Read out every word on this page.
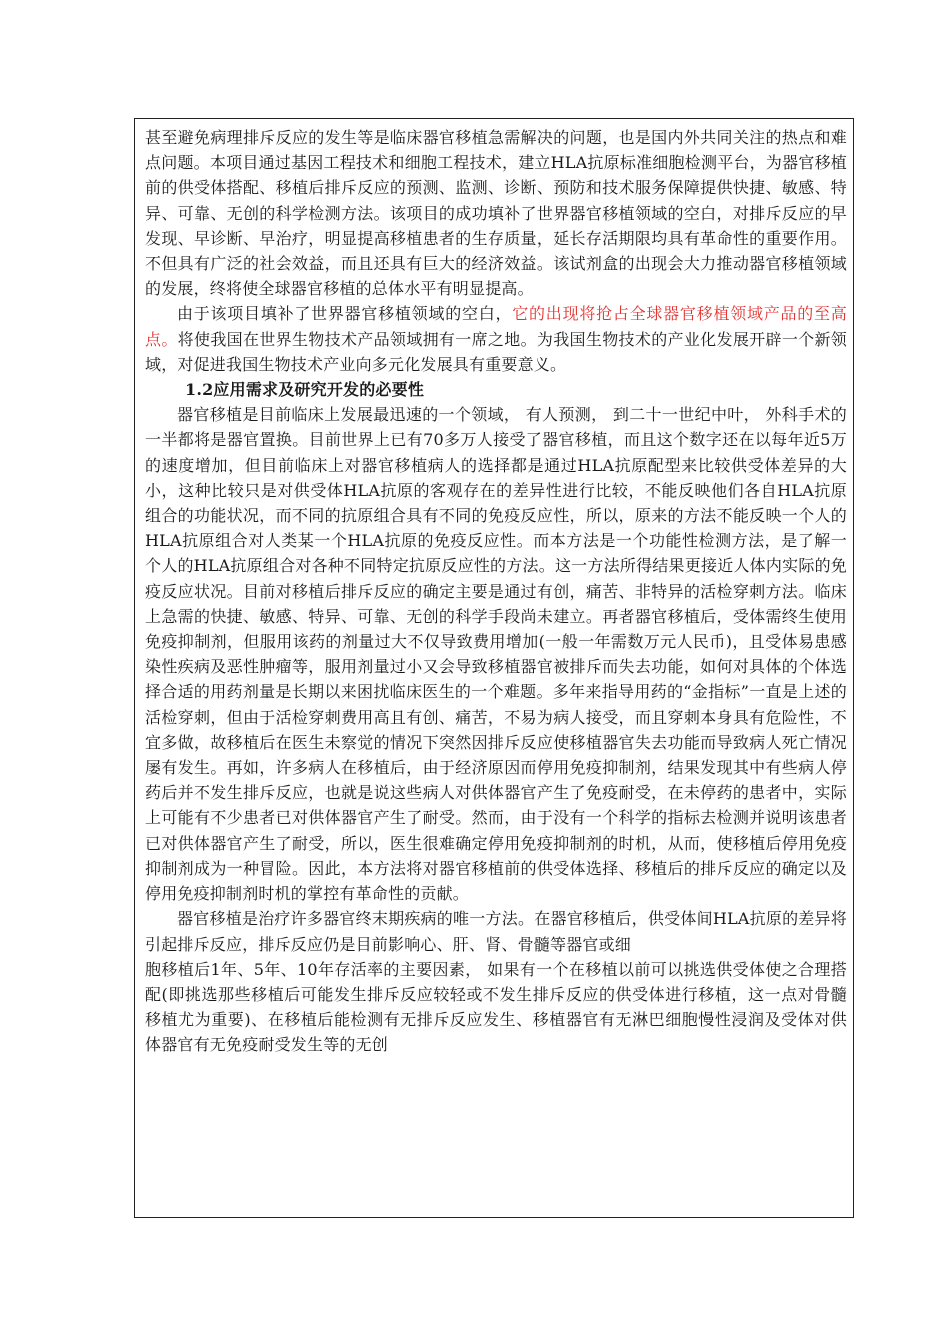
甚至避免病理排斥反应的发生等是临床器官移植急需解决的问题，也是国内外共同关注的热点和难点问题。本项目通过基因工程技术和细胞工程技术，建立HLA抗原标准细胞检测平台，为器官移植前的供受体搭配、移植后排斥反应的预测、监测、诊断、预防和技术服务保障提供快捷、敏感、特异、可靠、无创的科学检测方法。该项目的成功填补了世界器官移植领域的空白，对排斥反应的早发现、早诊断、早治疗，明显提高移植患者的生存质量，延长存活期限均具有革命性的重要作用。不但具有广泛的社会效益，而且还具有巨大的经济效益。该试剂盒的出现会大力推动器官移植领域的发展，终将使全球器官移植的总体水平有明显提高。

由于该项目填补了世界器官移植领域的空白，它的出现将抢占全球器官移植领域产品的至高点。将使我国在世界生物技术产品领域拥有一席之地。为我国生物技术的产业化发展开辟一个新领域，对促进我国生物技术产业向多元化发展具有重要意义。

1.2应用需求及研究开发的必要性

器官移植是目前临床上发展最迅速的一个领域， 有人预测， 到二十一世纪中叶， 外科手术的一半都将是器官置换。目前世界上已有70多万人接受了器官移植，而且这个数字还在以每年近5万的速度增加，但目前临床上对器官移植病人的选择都是通过HLA抗原配型来比较供受体差异的大小，这种比较只是对供受体HLA抗原的客观存在的差异性进行比较，不能反映他们各自HLA抗原组合的功能状况，而不同的抗原组合具有不同的免疫反应性，所以，原来的方法不能反映一个人的HLA抗原组合对人类某一个HLA抗原的免疫反应性。而本方法是一个功能性检测方法，是了解一个人的HLA抗原组合对各种不同特定抗原反应性的方法。这一方法所得结果更接近人体内实际的免疫反应状况。目前对移植后排斥反应的确定主要是通过有创，痛苦、非特异的活检穿刺方法。临床上急需的快捷、敏感、特异、可靠、无创的科学手段尚未建立。再者器官移植后，受体需终生使用免疫抑制剂，但服用该药的剂量过大不仅导致费用增加(一般一年需数万元人民币)，且受体易患感染性疾病及恶性肿瘤等，服用剂量过小又会导致移植器官被排斥而失去功能，如何对具体的个体选择合适的用药剂量是长期以来困扰临床医生的一个难题。多年来指导用药的“金指标”一直是上述的活检穿刺，但由于活检穿刺费用高且有创、痛苦，不易为病人接受，而且穿刺本身具有危险性，不宜多做，故移植后在医生未察觉的情况下突然因排斥反应使移植器官失去功能而导致病人死亡情况屡有发生。再如，许多病人在移植后，由于经济原因而停用免疫抑制剂，结果发现其中有些病人停药后并不发生排斥反应，也就是说这些病人对供体器官产生了免疫耐受，在未停药的患者中，实际上可能有不少患者已对供体器官产生了耐受。然而，由于没有一个科学的指标去检测并说明该患者已对供体器官产生了耐受，所以，医生很难确定停用免疫抑制剂的时机，从而，使移植后停用免疫抑制剂成为一种冒险。因此，本方法将对器官移植前的供受体选择、移植后的排斥反应的确定以及停用免疫抑制剂时机的掌控有革命性的贡献。

器官移植是治疗许多器官终末期疾病的唯一方法。在器官移植后，供受体间HLA抗原的差异将引起排斥反应，排斥反应仍是目前影响心、肝、肾、骨髓等器官或细

胞移植后1年、5年、10年存活率的主要因素， 如果有一个在移植以前可以挑选供受体使之合理搭配(即挑选那些移植后可能发生排斥反应较轻或不发生排斥反应的供受体进行移植，这一点对骨髓移植尤为重要)、在移植后能检测有无排斥反应发生、移植器官有无淋巴细胞慢性浸润及受体对供体器官有无免疫耐受发生等的无创
